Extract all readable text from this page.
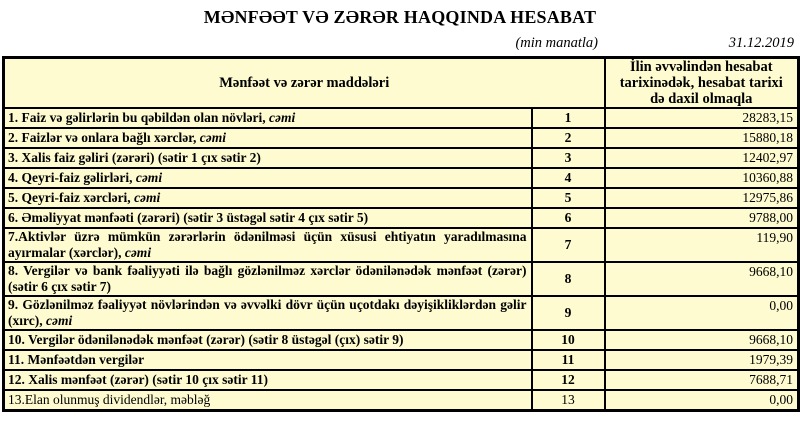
MƏNFƏƏT VƏ ZƏRƏR HAQQINDA HESABAT
(min manatla)	31.12.2019
Mənfəət və zərər maddələri		İlin əvvəlindən hesabat tarixinədək, hesabat tarixi də daxil olmaqla
1. Faiz və gəlirlərin bu qəbildən olan növləri, cəmi	1	28283,15
2. Faizlər və onlara bağlı xərclər, cəmi	2	15880,18
3. Xalis faiz gəliri (zərəri) (sətir 1 çıx sətir 2)	3	12402,97
4. Qeyri-faiz gəlirləri, cəmi	4	10360,88
5. Qeyri-faiz xərcləri, cəmi	5	12975,86
6. Əməliyyat mənfəəti (zərəri) (sətir 3 üstəgəl sətir 4 çıx sətir 5)	6	9788,00
7.Aktivlər üzrə mümkün zərərlərin ödənilməsi üçün xüsusi ehtiyatın yaradılmasına ayırmalar (xərclər), cəmi	7	119,90
8. Vergilər və bank fəaliyyəti ilə bağlı gözlənilməz xərclər ödənilənədək mənfəət (zərər) (sətir 6 çıx sətir 7)	8	9668,10
9. Gözlənilməz fəaliyyət növlərindən və əvvəlki dövr üçün uçotdakı dəyişikliklərdən gəlir (xırc), cəmi	9	0,00
10. Vergilər ödənilənədək mənfəət (zərər) (sətir 8 üstəgəl (çıx) sətir 9)	10	9668,10
11. Mənfəətdən vergilər	11	1979,39
12. Xalis mənfəət (zərər) (sətir 10 çıx sətir 11)	12	7688,71
13.Elan olunmuş dividendlər, məbləğ	13	0,00
